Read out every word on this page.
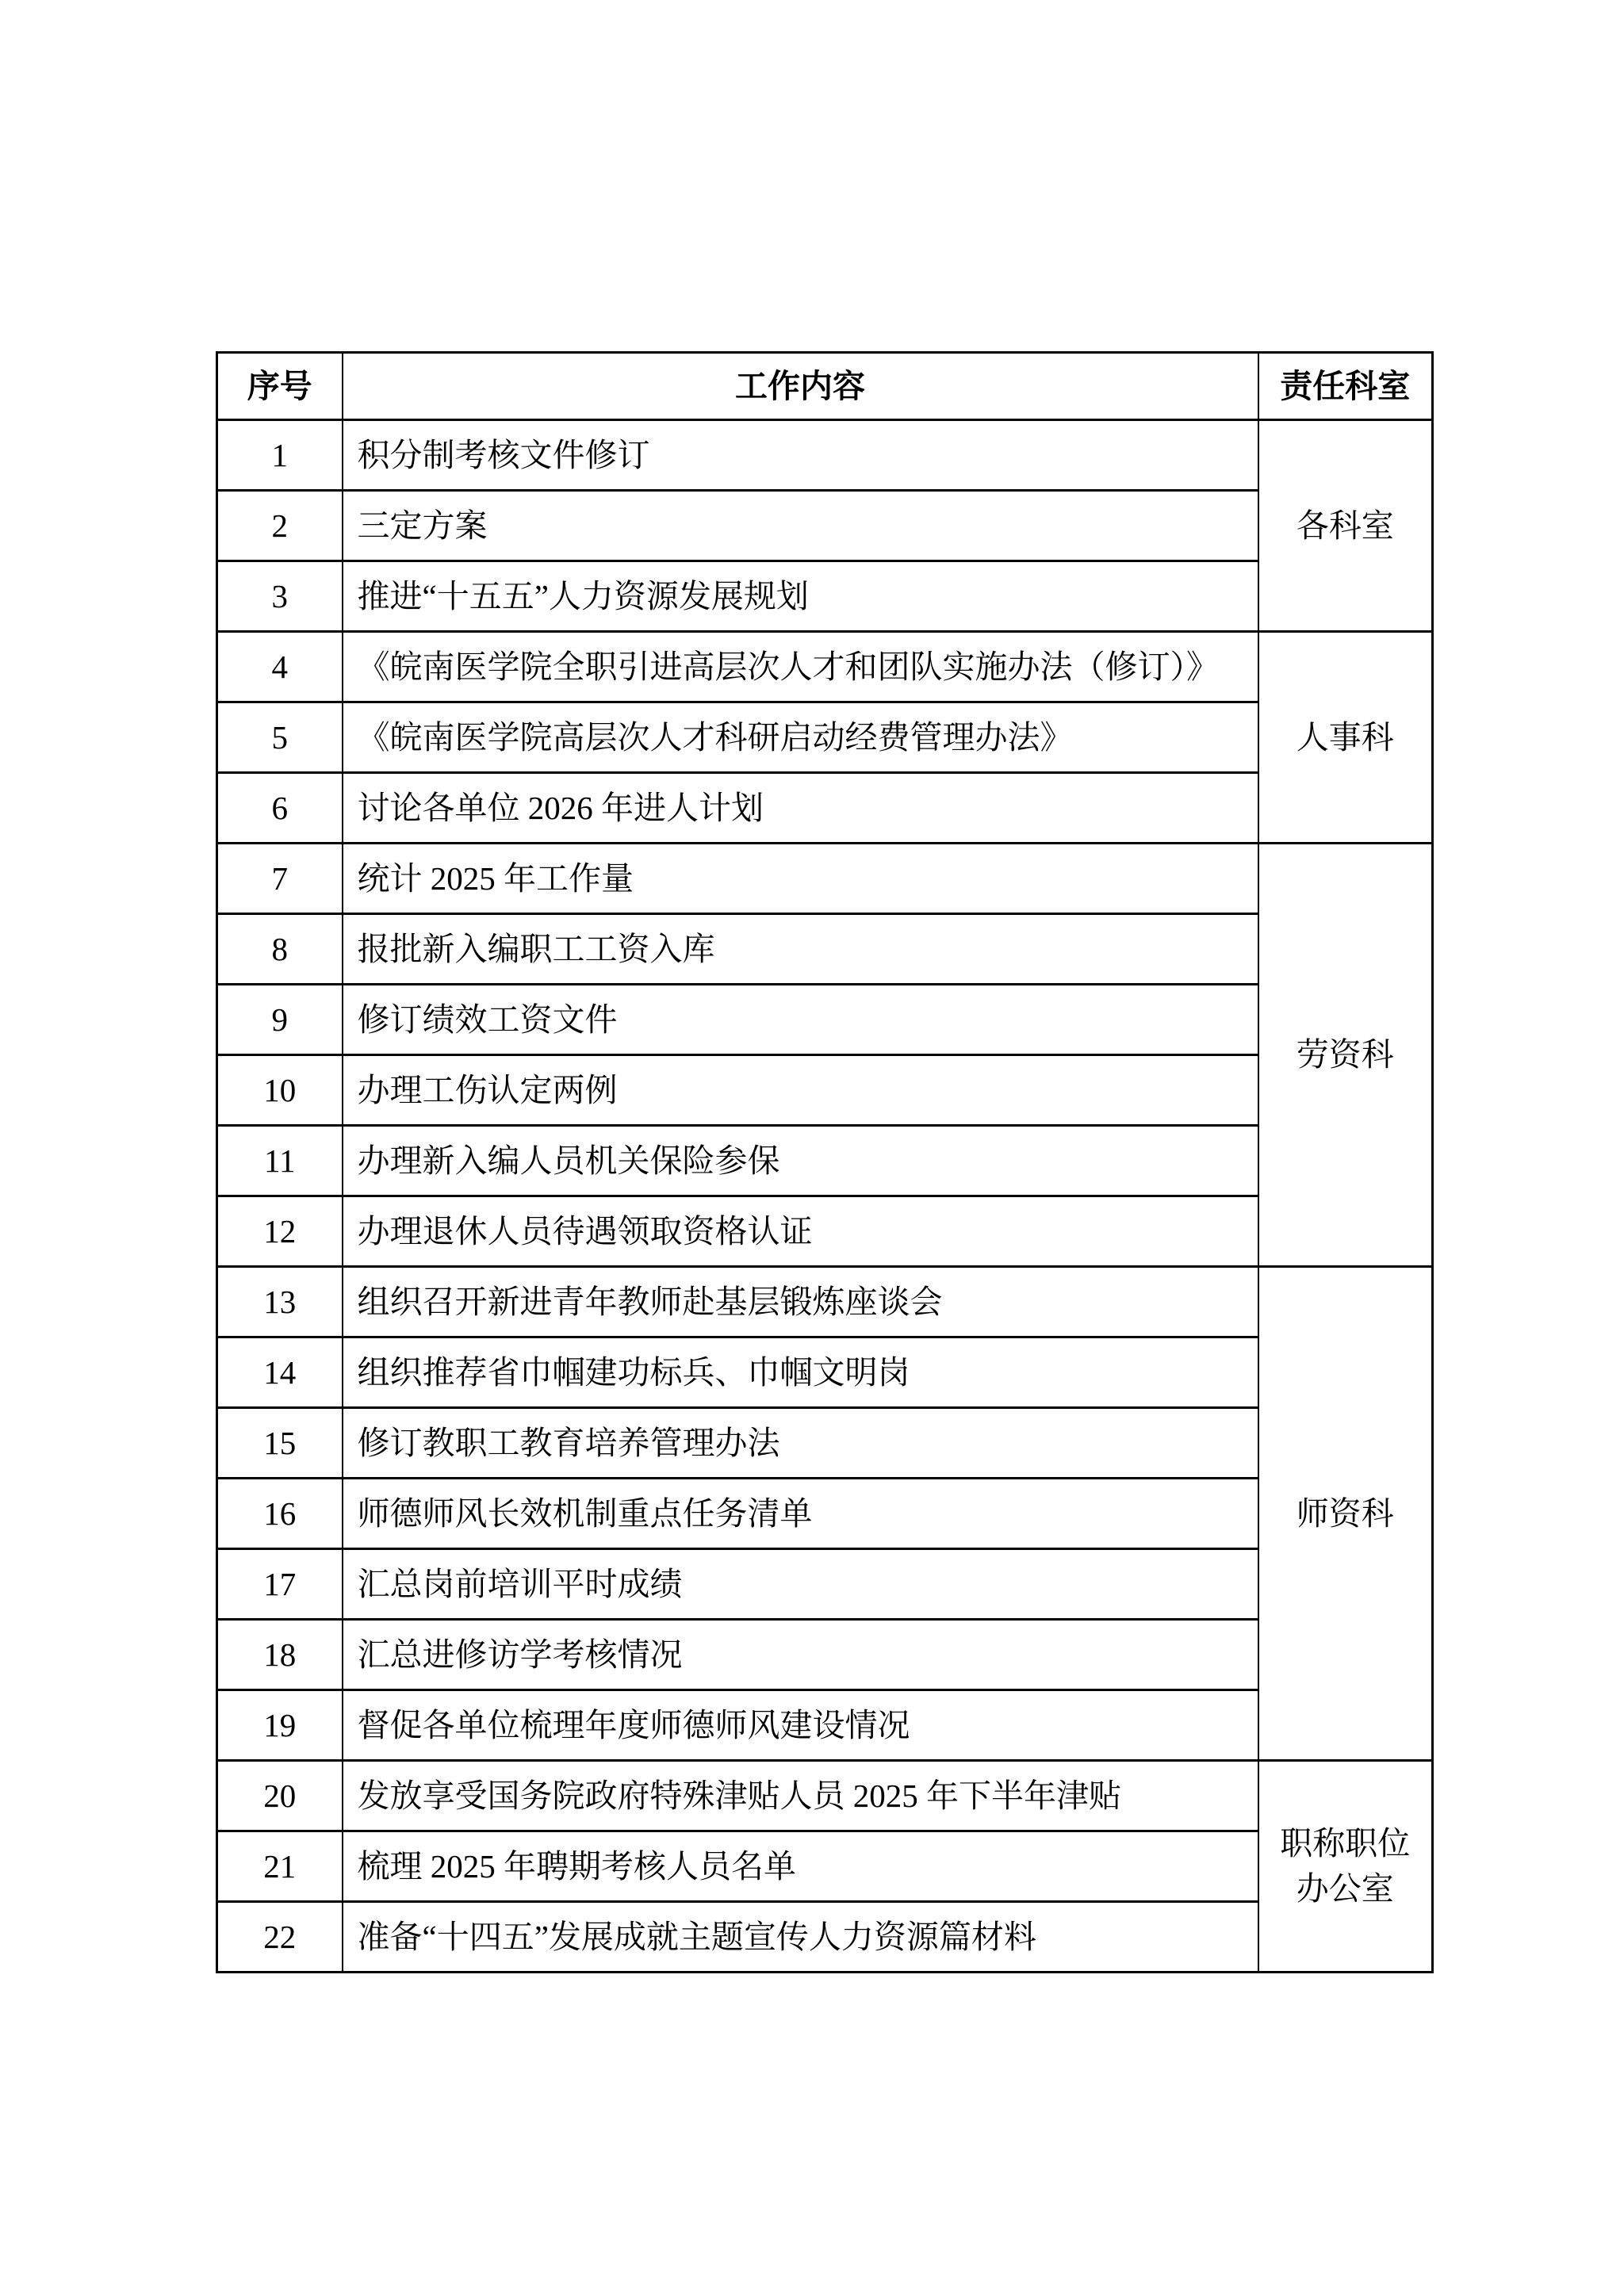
序号	工作内容	责任科室
1	积分制考核文件修订	各科室
2	三定方案	
3	推进“十五五”人力资源发展规划	
4	《皖南医学院全职引进高层次人才和团队实施办法（修订）》	人事科
5	《皖南医学院高层次人才科研启动经费管理办法》	
6	讨论各单位 2026 年进人计划	
7	统计 2025 年工作量	劳资科
8	报批新入编职工工资入库	
9	修订绩效工资文件	
10	办理工伤认定两例	
11	办理新入编人员机关保险参保	
12	办理退休人员待遇领取资格认证	
13	组织召开新进青年教师赴基层锻炼座谈会	师资科
14	组织推荐省巾帼建功标兵、巾帼文明岗	
15	修订教职工教育培养管理办法	
16	师德师风长效机制重点任务清单	
17	汇总岗前培训平时成绩	
18	汇总进修访学考核情况	
19	督促各单位梳理年度师德师风建设情况	
20	发放享受国务院政府特殊津贴人员 2025 年下半年津贴	职称职位办公室
21	梳理 2025 年聘期考核人员名单	
22	准备“十四五”发展成就主题宣传人力资源篇材料	
